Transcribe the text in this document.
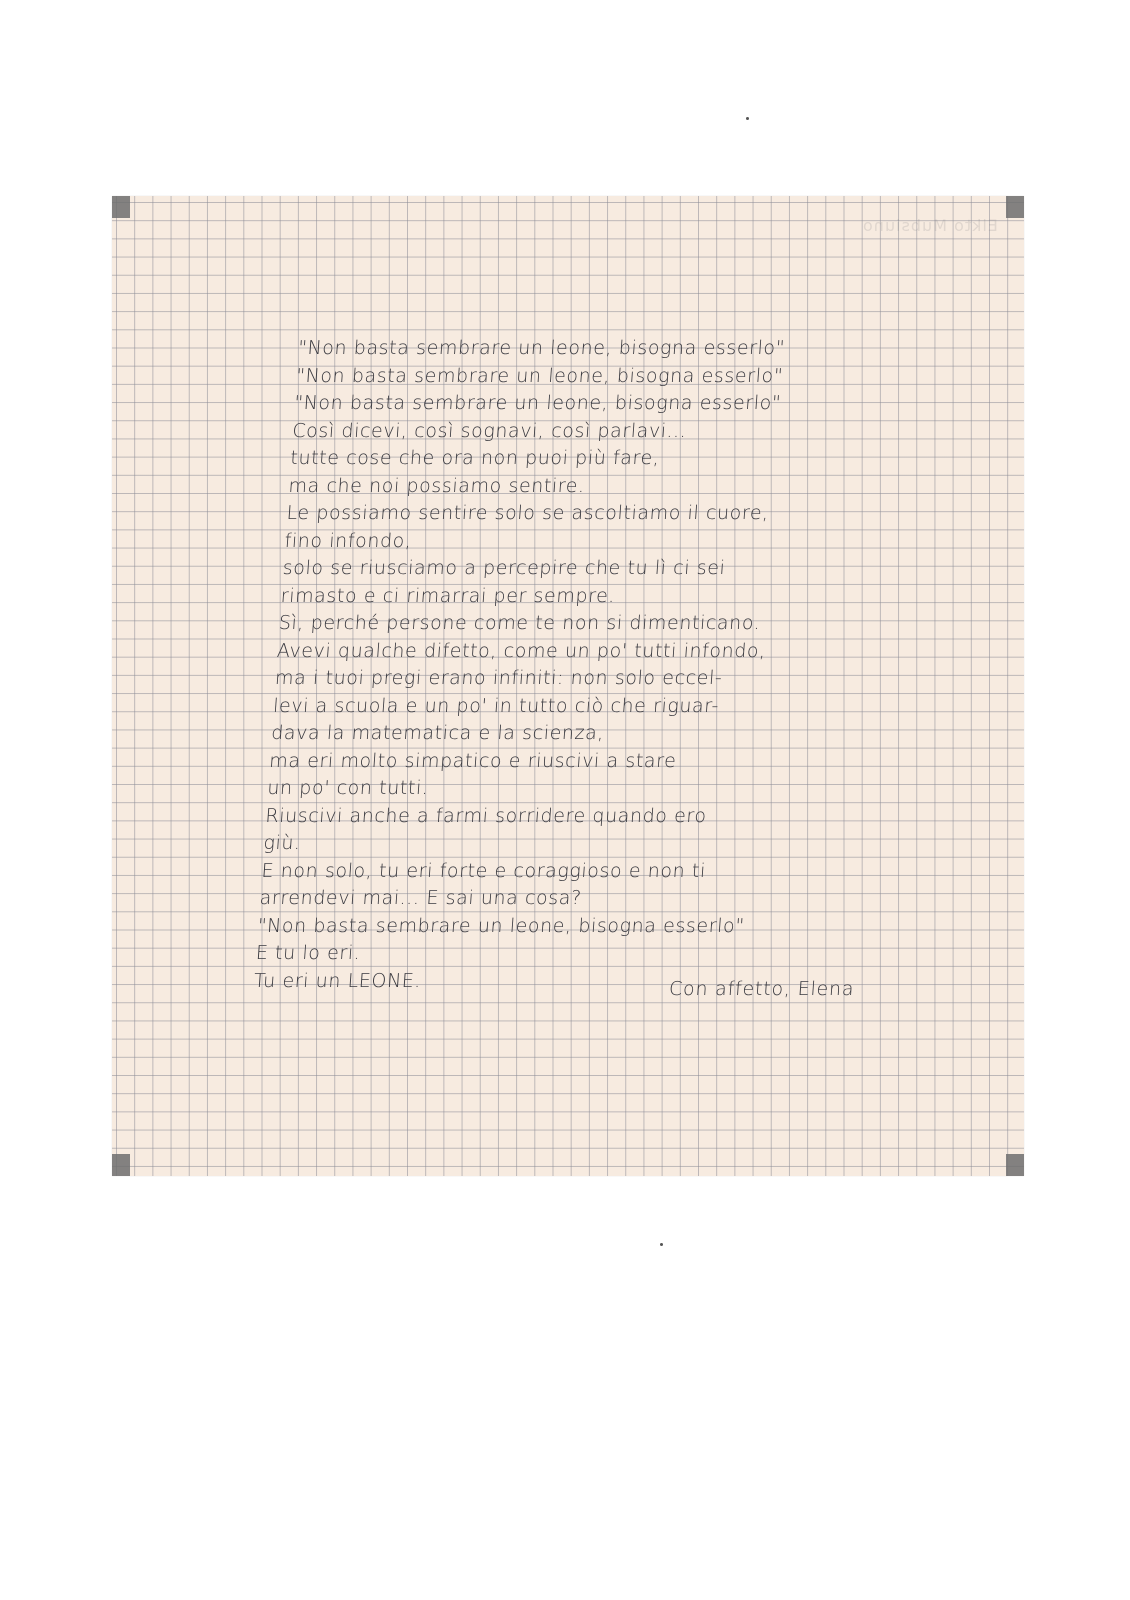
Elkto Mubsiuno
"Non basta sembrare un leone, bisogna esserlo"
"Non basta sembrare un leone, bisogna esserlo"
"Non basta sembrare un leone, bisogna esserlo"
Così dicevi, così sognavi, così parlavi...
tutte cose che ora non puoi più fare,
ma che noi possiamo sentire.
Le possiamo sentire solo se ascoltiamo il cuore,
fino infondo,
solo se riusciamo a percepire che tu lì ci sei
rimasto e ci rimarrai per sempre.
Sì, perché persone come te non si dimenticano.
Avevi qualche difetto, come un po' tutti infondo,
ma i tuoi pregi erano infiniti: non solo eccel-
levi a scuola e un po' in tutto ciò che riguar-
dava la matematica e la scienza,
ma eri molto simpatico e riuscivi a stare
un po' con tutti.
Riuscivi anche a farmi sorridere quando ero
giù.
E non solo, tu eri forte e coraggioso e non ti
arrendevi mai... E sai una cosa?
"Non basta sembrare un leone, bisogna esserlo"
E tu lo eri.
Tu eri un LEONE.	Con affetto, Elena
